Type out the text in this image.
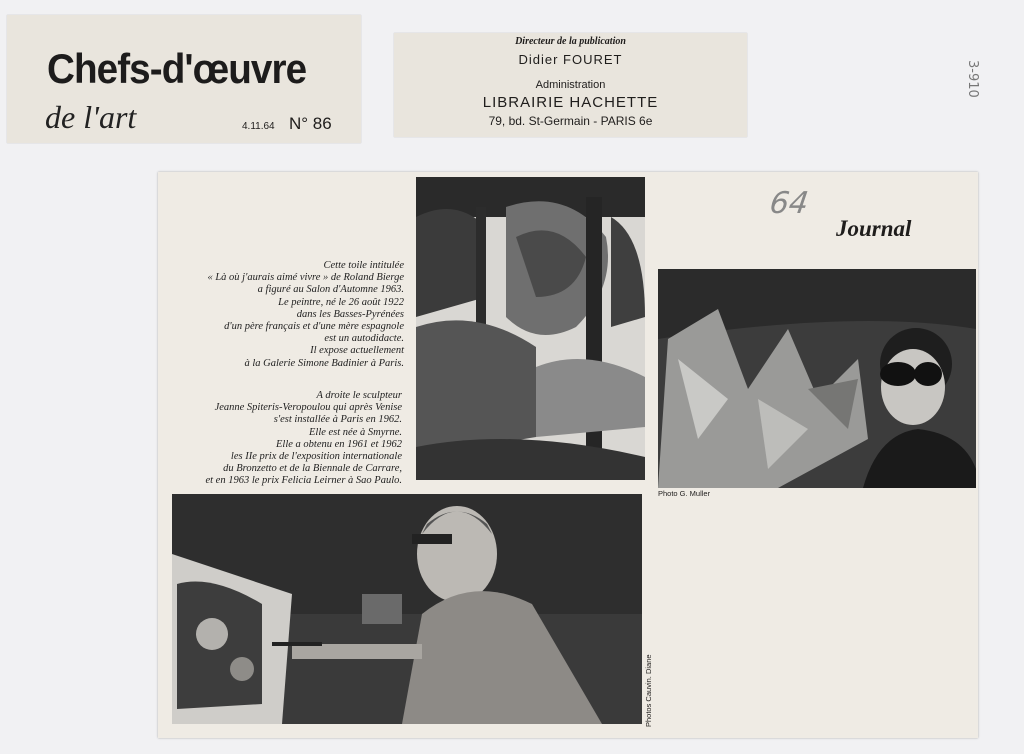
Chefs-d'œuvre
de l'art	4.11.64 N° 86
Directeur de la publication
Didier FOURET
Administration
LIBRAIRIE HACHETTE
79, bd. St-Germain - PARIS 6e
3-910
64
Journal
Cette toile intitulée
« Là où j'aurais aimé vivre » de Roland Bierge
a figuré au Salon d'Automne 1963.
Le peintre, né le 26 août 1922
dans les Basses-Pyrénées
d'un père français et d'une mère espagnole
est un autodidacte.
Il expose actuellement
à la Galerie Simone Badinier à Paris.
A droite le sculpteur
Jeanne Spiteris-Veropoulou qui après Venise
s'est installée à Paris en 1962.
Elle est née à Smyrne.
Elle a obtenu en 1961 et 1962
les IIe prix de l'exposition internationale
du Bronzetto et de la Biennale de Carrare,
et en 1963 le prix Felicia Leirner à Sao Paulo.
Photo G. Muller
Photos Cauvin. Diane
